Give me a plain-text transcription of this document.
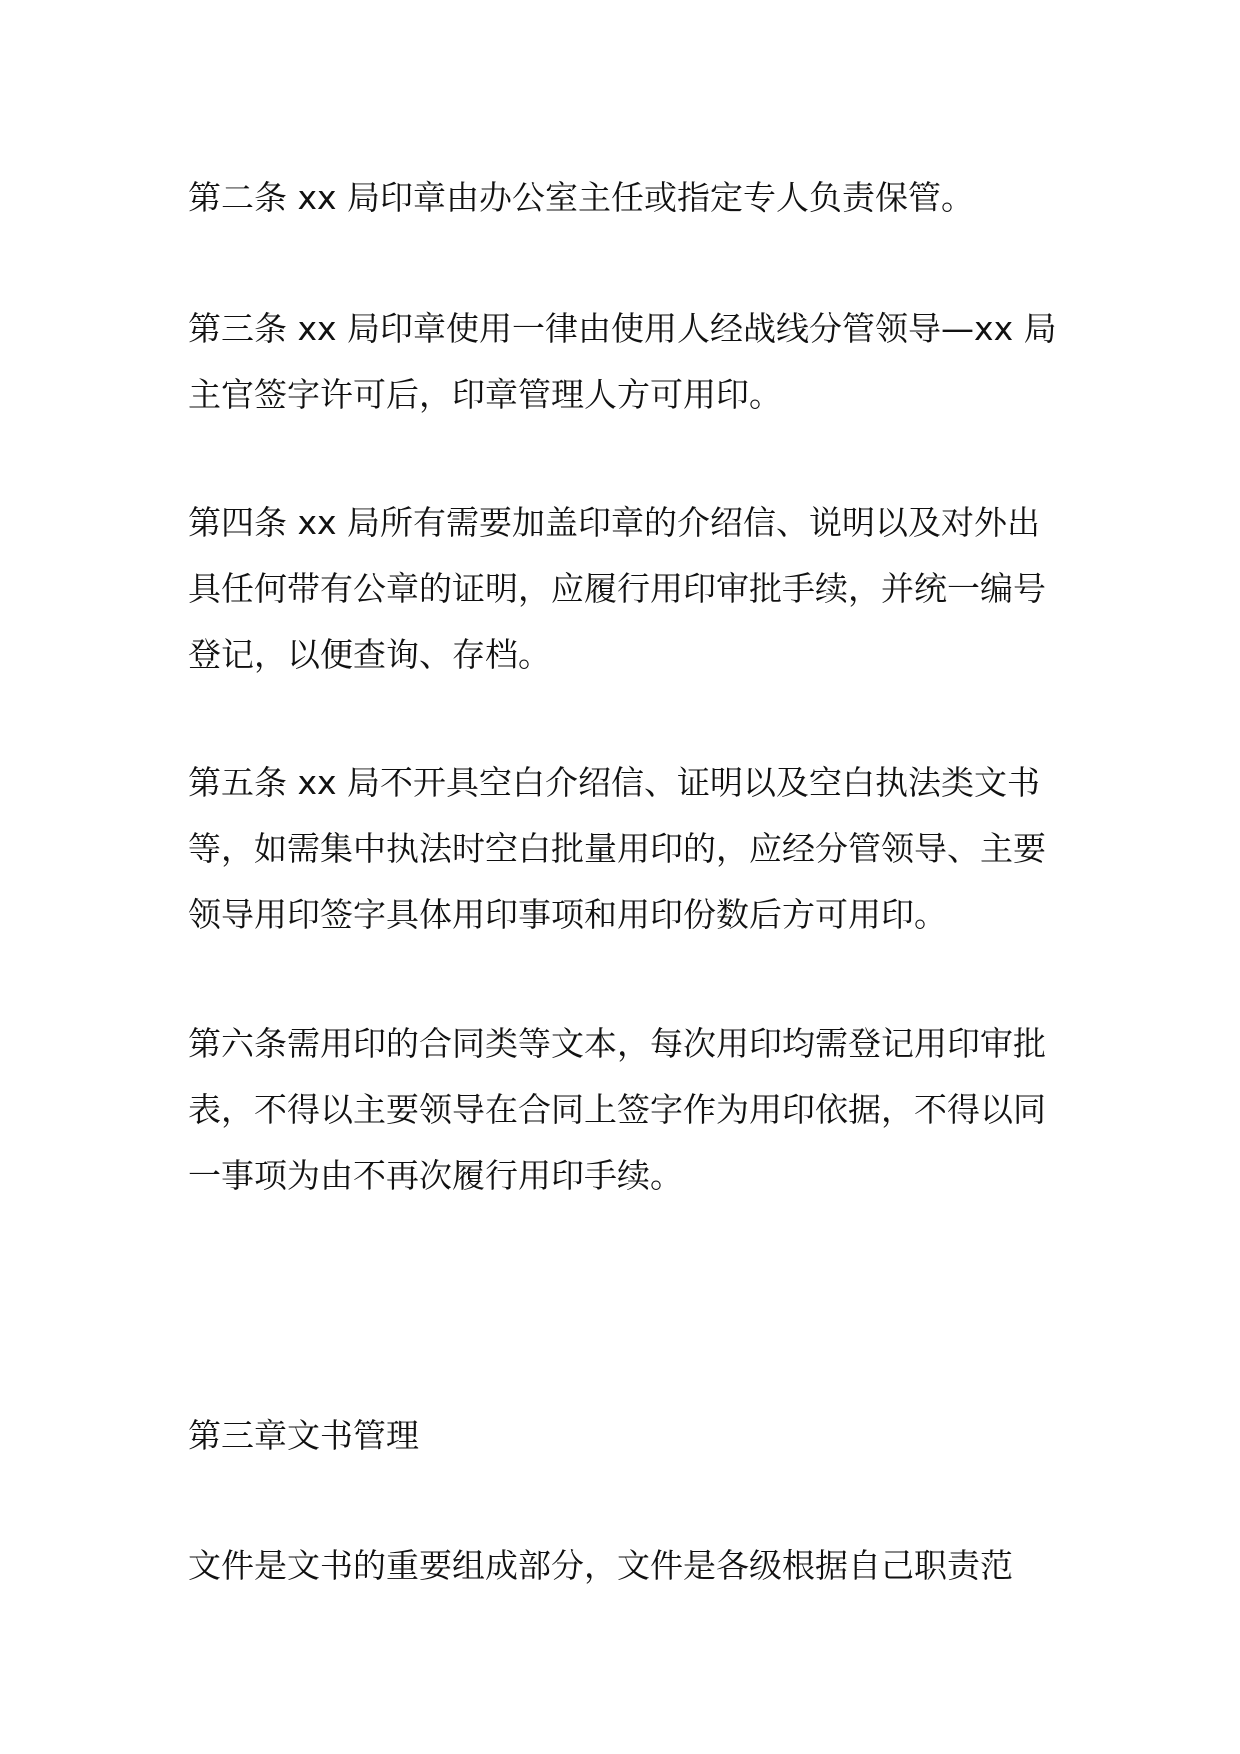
第二条 xx 局印章由办公室主任或指定专人负责保管。

第三条 xx 局印章使用一律由使用人经战线分管领导—xx 局主官签字许可后，印章管理人方可用印。

第四条 xx 局所有需要加盖印章的介绍信、说明以及对外出具任何带有公章的证明，应履行用印审批手续，并统一编号登记，以便查询、存档。

第五条 xx 局不开具空白介绍信、证明以及空白执法类文书等，如需集中执法时空白批量用印的，应经分管领导、主要领导用印签字具体用印事项和用印份数后方可用印。

第六条需用印的合同类等文本，每次用印均需登记用印审批表，不得以主要领导在合同上签字作为用印依据，不得以同一事项为由不再次履行用印手续。

第三章文书管理

文件是文书的重要组成部分，文件是各级根据自己职责范
